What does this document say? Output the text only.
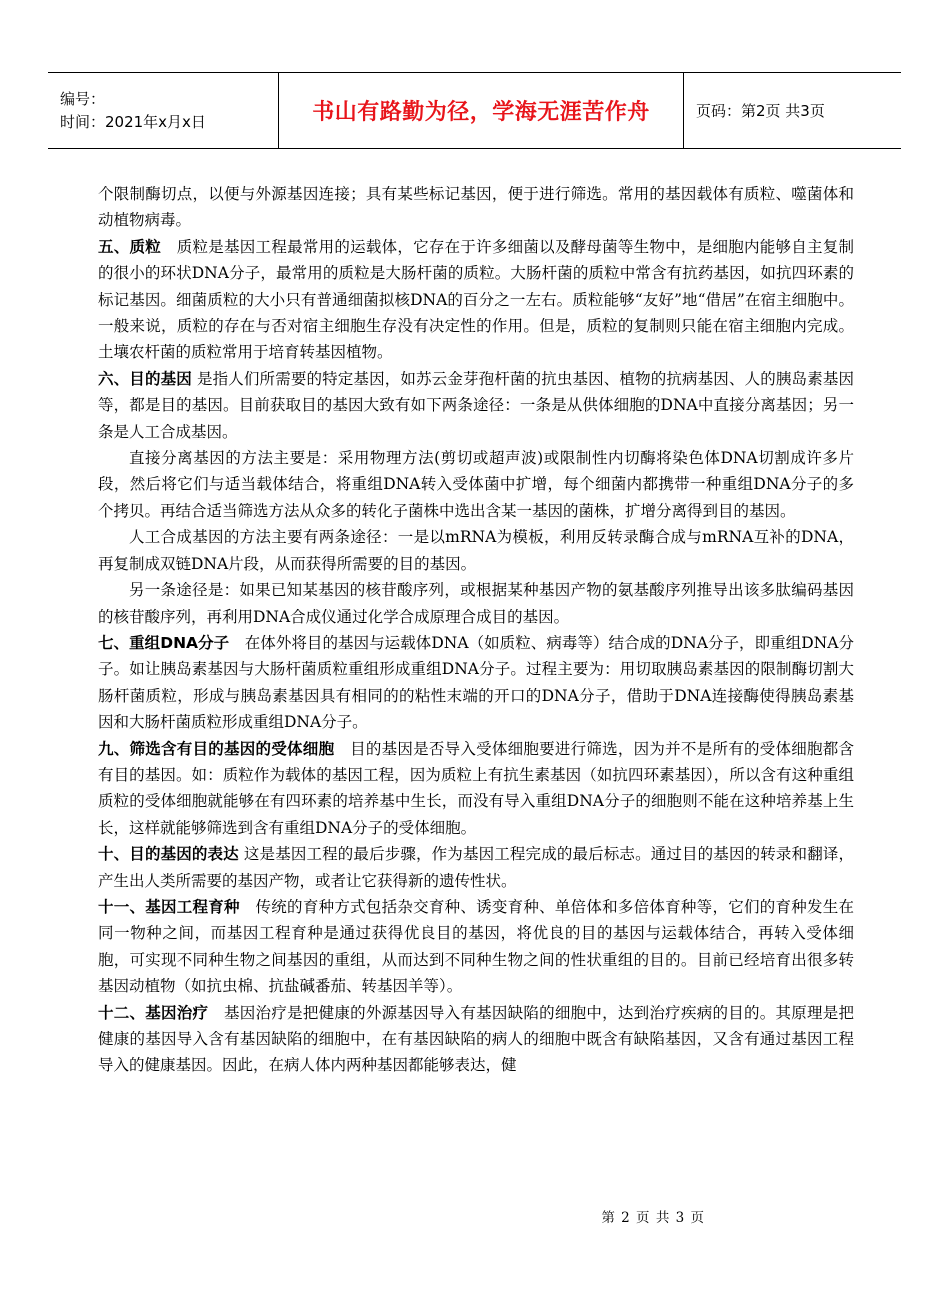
编号：
时间：2021年x月x日	书山有路勤为径，学海无涯苦作舟	页码：第2页 共3页

个限制酶切点，以便与外源基因连接；具有某些标记基因，便于进行筛选。常用的基因载体有质粒、噬菌体和动植物病毒。

五、质粒　质粒是基因工程最常用的运载体，它存在于许多细菌以及酵母菌等生物中，是细胞内能够自主复制的很小的环状DNA分子，最常用的质粒是大肠杆菌的质粒。大肠杆菌的质粒中常含有抗药基因，如抗四环素的标记基因。细菌质粒的大小只有普通细菌拟核DNA的百分之一左右。质粒能够“友好”地“借居”在宿主细胞中。一般来说，质粒的存在与否对宿主细胞生存没有决定性的作用。但是，质粒的复制则只能在宿主细胞内完成。土壤农杆菌的质粒常用于培育转基因植物。

六、目的基因 是指人们所需要的特定基因，如苏云金芽孢杆菌的抗虫基因、植物的抗病基因、人的胰岛素基因等，都是目的基因。目前获取目的基因大致有如下两条途径：一条是从供体细胞的DNA中直接分离基因；另一条是人工合成基因。

直接分离基因的方法主要是：采用物理方法(剪切或超声波)或限制性内切酶将染色体DNA切割成许多片段，然后将它们与适当载体结合，将重组DNA转入受体菌中扩增，每个细菌内都携带一种重组DNA分子的多个拷贝。再结合适当筛选方法从众多的转化子菌株中选出含某一基因的菌株，扩增分离得到目的基因。

人工合成基因的方法主要有两条途径：一是以mRNA为模板，利用反转录酶合成与mRNA互补的DNA，再复制成双链DNA片段，从而获得所需要的目的基因。

另一条途径是：如果已知某基因的核苷酸序列，或根据某种基因产物的氨基酸序列推导出该多肽编码基因的核苷酸序列，再利用DNA合成仪通过化学合成原理合成目的基因。

七、重组DNA分子　在体外将目的基因与运载体DNA（如质粒、病毒等）结合成的DNA分子，即重组DNA分子。如让胰岛素基因与大肠杆菌质粒重组形成重组DNA分子。过程主要为：用切取胰岛素基因的限制酶切割大肠杆菌质粒，形成与胰岛素基因具有相同的的粘性末端的开口的DNA分子，借助于DNA连接酶使得胰岛素基因和大肠杆菌质粒形成重组DNA分子。

九、筛选含有目的基因的受体细胞　目的基因是否导入受体细胞要进行筛选，因为并不是所有的受体细胞都含有目的基因。如：质粒作为载体的基因工程，因为质粒上有抗生素基因（如抗四环素基因），所以含有这种重组质粒的受体细胞就能够在有四环素的培养基中生长，而没有导入重组DNA分子的细胞则不能在这种培养基上生长，这样就能够筛选到含有重组DNA分子的受体细胞。

十、目的基因的表达 这是基因工程的最后步骤，作为基因工程完成的最后标志。通过目的基因的转录和翻译，产生出人类所需要的基因产物，或者让它获得新的遗传性状。

十一、基因工程育种　传统的育种方式包括杂交育种、诱变育种、单倍体和多倍体育种等，它们的育种发生在同一物种之间，而基因工程育种是通过获得优良目的基因，将优良的目的基因与运载体结合，再转入受体细胞，可实现不同种生物之间基因的重组，从而达到不同种生物之间的性状重组的目的。目前已经培育出很多转基因动植物（如抗虫棉、抗盐碱番茄、转基因羊等）。

十二、基因治疗　基因治疗是把健康的外源基因导入有基因缺陷的细胞中，达到治疗疾病的目的。其原理是把健康的基因导入含有基因缺陷的细胞中，在有基因缺陷的病人的细胞中既含有缺陷基因，又含有通过基因工程导入的健康基因。因此，在病人体内两种基因都能够表达，健

第 2 页 共 3 页
